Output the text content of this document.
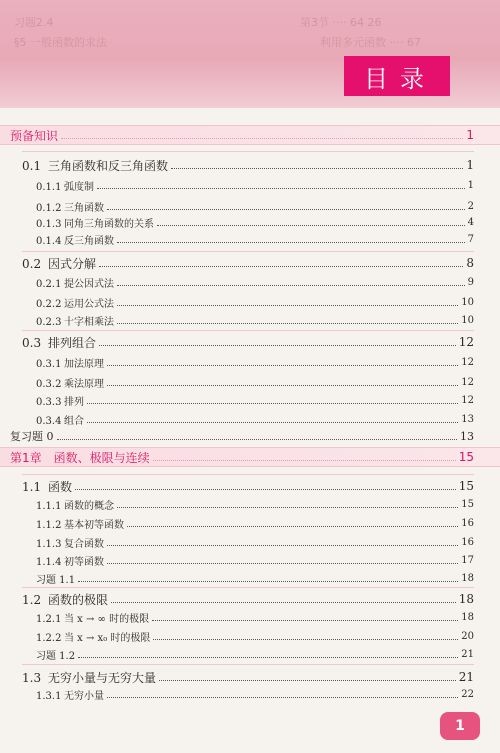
习题2.4	第3节 ···· 64 26
§5 一般函数的求法	利用多元函数 ···· 67
目录
预备知识	1
0.1 三角函数和反三角函数	1
0.1.1 弧度制	1
0.1.2 三角函数	2
0.1.3 同角三角函数的关系	4
0.1.4 反三角函数	7
0.2 因式分解	8
0.2.1 提公因式法	9
0.2.2 运用公式法	10
0.2.3 十字相乘法	10
0.3 排列组合	12
0.3.1 加法原理	12
0.3.2 乘法原理	12
0.3.3 排列	12
0.3.4 组合	13
复习题 0	13
第1章　函数、极限与连续	15
1.1 函数	15
1.1.1 函数的概念	15
1.1.2 基本初等函数	16
1.1.3 复合函数	16
1.1.4 初等函数	17
习题 1.1	18
1.2 函数的极限	18
1.2.1 当 x → ∞ 时的极限	18
1.2.2 当 x → x₀ 时的极限	20
习题 1.2	21
1.3 无穷小量与无穷大量	21
1.3.1 无穷小量	22
1
